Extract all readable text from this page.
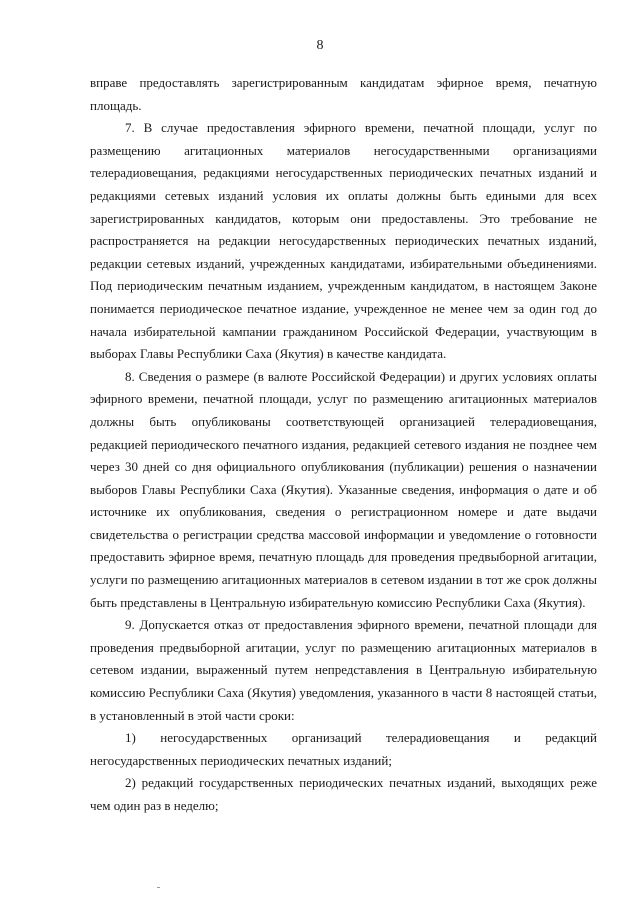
8

вправе предоставлять зарегистрированным кандидатам эфирное время, печатную площадь.

7. В случае предоставления эфирного времени, печатной площади, услуг по размещению агитационных материалов негосударственными организациями телерадиовещания, редакциями негосударственных периодических печатных изданий и редакциями сетевых изданий условия их оплаты должны быть едиными для всех зарегистрированных кандидатов, которым они предоставлены. Это требование не распространяется на редакции негосударственных периодических печатных изданий, редакции сетевых изданий, учрежденных кандидатами, избирательными объединениями. Под периодическим печатным изданием, учрежденным кандидатом, в настоящем Законе понимается периодическое печатное издание, учрежденное не менее чем за один год до начала избирательной кампании гражданином Российской Федерации, участвующим в выборах Главы Республики Саха (Якутия) в качестве кандидата.

8. Сведения о размере (в валюте Российской Федерации) и других условиях оплаты эфирного времени, печатной площади, услуг по размещению агитационных материалов должны быть опубликованы соответствующей организацией телерадиовещания, редакцией периодического печатного издания, редакцией сетевого издания не позднее чем через 30 дней со дня официального опубликования (публикации) решения о назначении выборов Главы Республики Саха (Якутия). Указанные сведения, информация о дате и об источнике их опубликования, сведения о регистрационном номере и дате выдачи свидетельства о регистрации средства массовой информации и уведомление о готовности предоставить эфирное время, печатную площадь для проведения предвыборной агитации, услуги по размещению агитационных материалов в сетевом издании в тот же срок должны быть представлены в Центральную избирательную комиссию Республики Саха (Якутия).

9. Допускается отказ от предоставления эфирного времени, печатной площади для проведения предвыборной агитации, услуг по размещению агитационных материалов в сетевом издании, выраженный путем непредставления в Центральную избирательную комиссию Республики Саха (Якутия) уведомления, указанного в части 8 настоящей статьи, в установленный в этой части сроки:

1) негосударственных организаций телерадиовещания и редакций

негосударственных периодических печатных изданий;

2) редакций государственных периодических печатных изданий, выходящих реже чем один раз в неделю;
